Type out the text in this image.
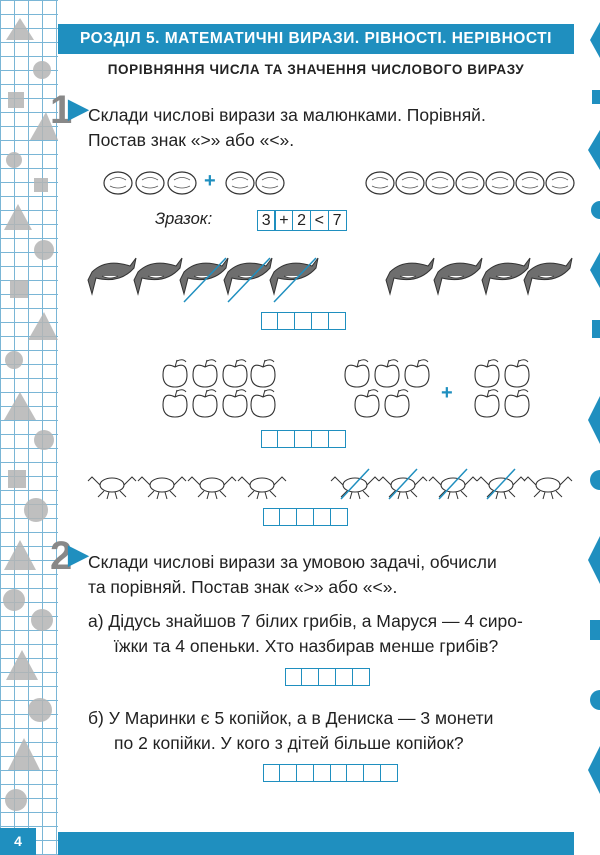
РОЗДІЛ 5. МАТЕМАТИЧНІ ВИРАЗИ. РІВНОСТІ. НЕРІВНОСТІ
ПОРІВНЯННЯ ЧИСЛА ТА ЗНАЧЕННЯ ЧИСЛОВОГО ВИРАЗУ
1▶ Склади числові вирази за малюнками. Порівняй.
Постав знак «>» або «<».
+
Зразок:	3 + 2 < 7
+
2▶ Склади числові вирази за умовою задачі, обчисли
та порівняй. Постав знак «>» або «<».
а) Дідусь знайшов 7 білих грибів, а Маруся — 4 сиро-
їжки та 4 опеньки. Хто назбирав менше грибів?
б) У Маринки є 5 копійок, а в Дениска — 3 монети
по 2 копійки. У кого з дітей більше копійок?
4
